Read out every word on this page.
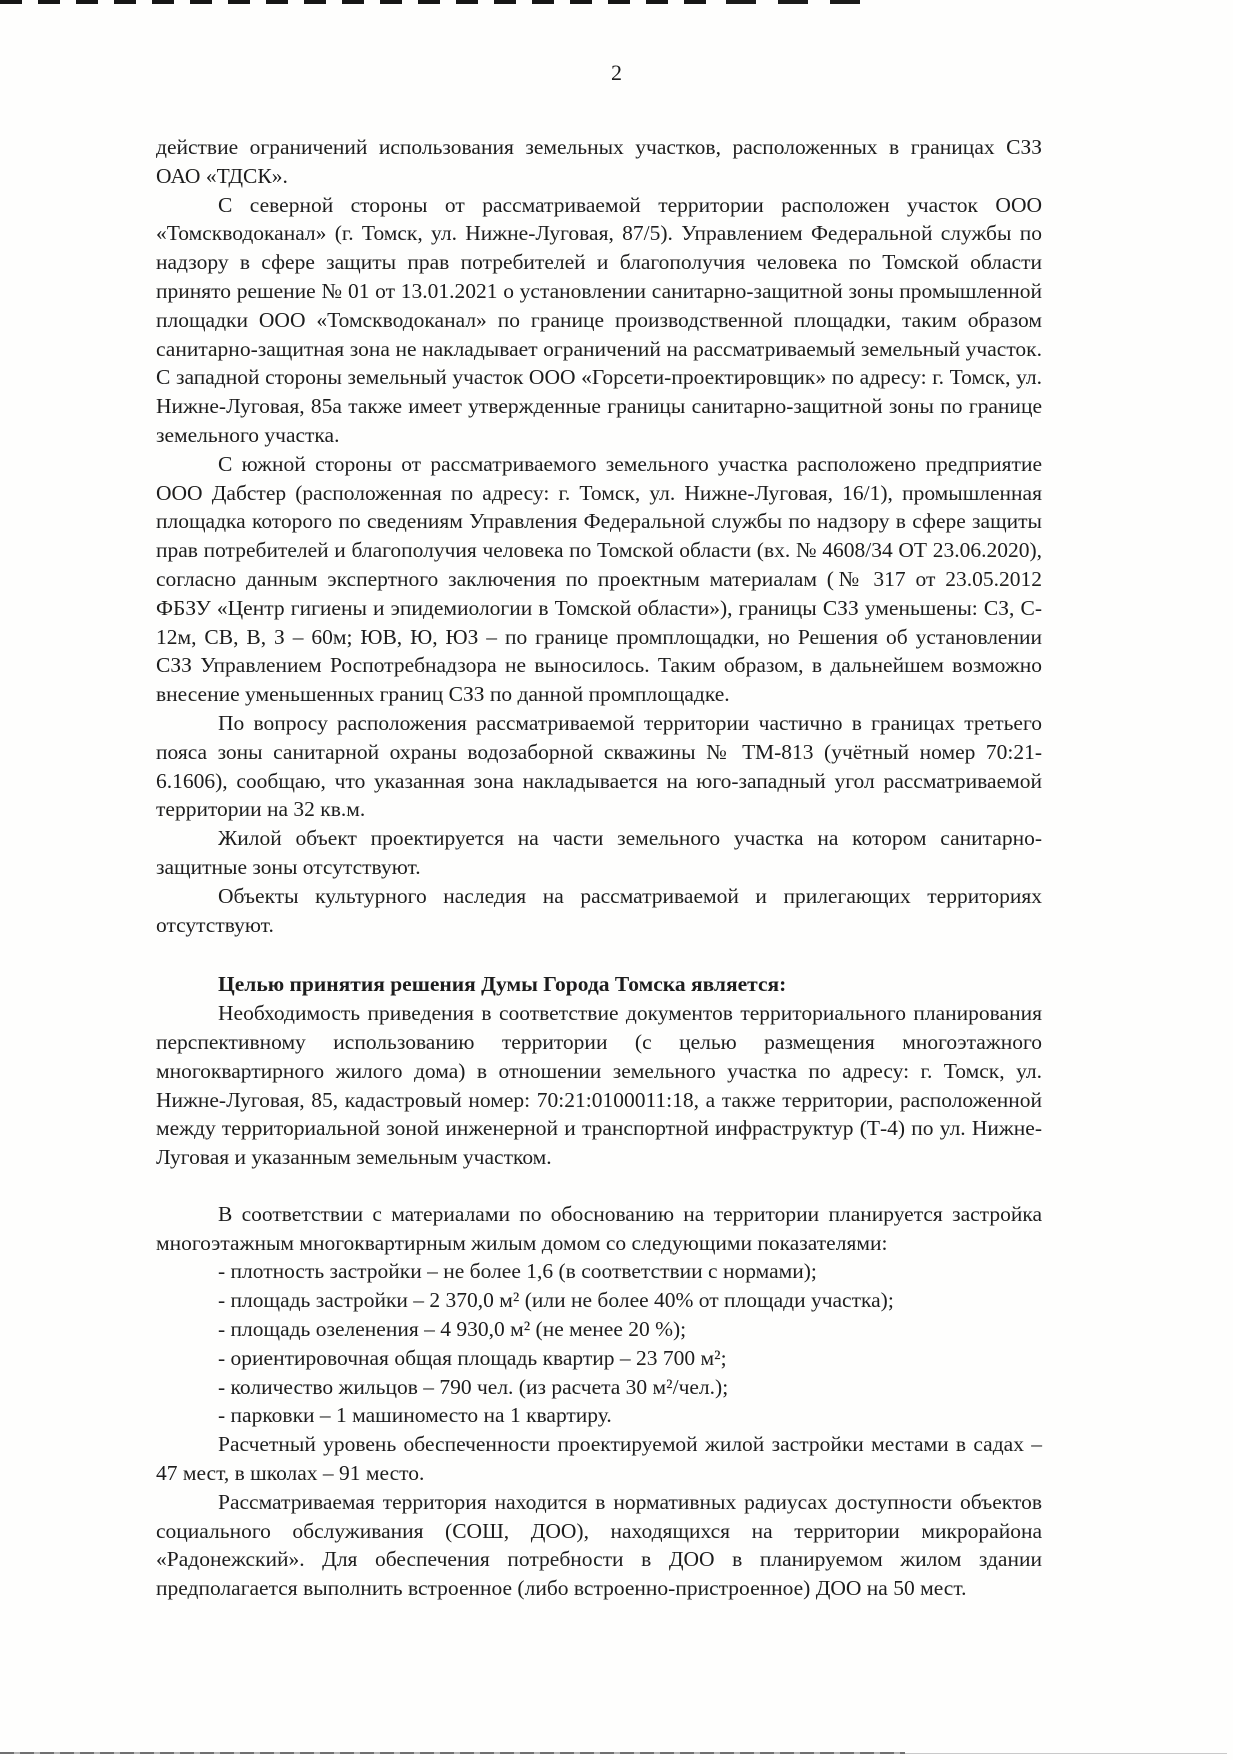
2

действие ограничений использования земельных участков, расположенных в границах СЗЗ ОАО «ТДСК».

С северной стороны от рассматриваемой территории расположен участок ООО «Томскводоканал» (г. Томск, ул. Нижне-Луговая, 87/5). Управлением Федеральной службы по надзору в сфере защиты прав потребителей и благополучия человека по Томской области принято решение № 01 от 13.01.2021 о установлении санитарно-защитной зоны промышленной площадки ООО «Томскводоканал» по границе производственной площадки, таким образом санитарно-защитная зона не накладывает ограничений на рассматриваемый земельный участок. С западной стороны земельный участок ООО «Горсети-проектировщик» по адресу: г. Томск, ул. Нижне-Луговая, 85а также имеет утвержденные границы санитарно-защитной зоны по границе земельного участка.

С южной стороны от рассматриваемого земельного участка расположено предприятие ООО Дабстер (расположенная по адресу: г. Томск, ул. Нижне-Луговая, 16/1), промышленная площадка которого по сведениям Управления Федеральной службы по надзору в сфере защиты прав потребителей и благополучия человека по Томской области (вх. № 4608/34 ОТ 23.06.2020), согласно данным экспертного заключения по проектным материалам (№ 317 от 23.05.2012 ФБЗУ «Центр гигиены и эпидемиологии в Томской области»), границы СЗЗ уменьшены: СЗ, С- 12м, СВ, В, З – 60м; ЮВ, Ю, ЮЗ – по границе промплощадки, но Решения об установлении СЗЗ Управлением Роспотребнадзора не выносилось. Таким образом, в дальнейшем возможно внесение уменьшенных границ СЗЗ по данной промплощадке.

По вопросу расположения рассматриваемой территории частично в границах третьего пояса зоны санитарной охраны водозаборной скважины № ТМ-813 (учётный номер 70:21-6.1606), сообщаю, что указанная зона накладывается на юго-западный угол рассматриваемой территории на 32 кв.м.

Жилой объект проектируется на части земельного участка на котором санитарно-защитные зоны отсутствуют.

Объекты культурного наследия на рассматриваемой и прилегающих территориях отсутствуют.

Целью принятия решения Думы Города Томска является:

Необходимость приведения в соответствие документов территориального планирования перспективному использованию территории (с целью размещения многоэтажного многоквартирного жилого дома) в отношении земельного участка по адресу: г. Томск, ул. Нижне-Луговая, 85, кадастровый номер: 70:21:0100011:18, а также территории, расположенной между территориальной зоной инженерной и транспортной инфраструктур (Т-4) по ул. Нижне-Луговая и указанным земельным участком.

В соответствии с материалами по обоснованию на территории планируется застройка многоэтажным многоквартирным жилым домом со следующими показателями:

- плотность застройки – не более 1,6 (в соответствии с нормами);

- площадь застройки – 2 370,0 м² (или не более 40% от площади участка);

- площадь озеленения – 4 930,0 м² (не менее 20 %);

- ориентировочная общая площадь квартир – 23 700 м²;

- количество жильцов – 790 чел. (из расчета 30 м²/чел.);

- парковки – 1 машиноместо на 1 квартиру.

Расчетный уровень обеспеченности проектируемой жилой застройки местами в садах – 47 мест, в школах – 91 место.

Рассматриваемая территория находится в нормативных радиусах доступности объектов социального обслуживания (СОШ, ДОО), находящихся на территории микрорайона «Радонежский». Для обеспечения потребности в ДОО в планируемом жилом здании предполагается выполнить встроенное (либо встроенно-пристроенное) ДОО на 50 мест.
